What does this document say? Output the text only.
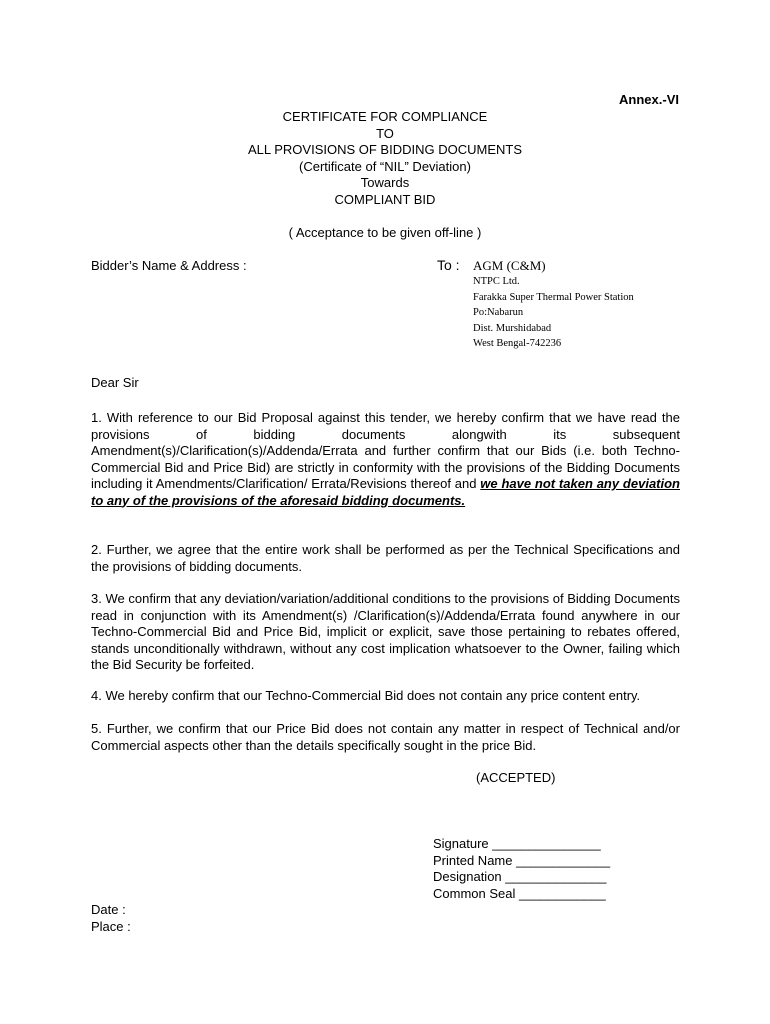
Annex.-VI
CERTIFICATE FOR COMPLIANCE
TO
ALL PROVISIONS OF BIDDING DOCUMENTS
(Certificate of “NIL” Deviation)
Towards
COMPLIANT BID
( Acceptance to be given off-line )
Bidder’s Name & Address :	To : AGM (C&M)
NTPC Ltd.
Farakka Super Thermal Power Station
Po:Nabarun
Dist. Murshidabad
West Bengal-742236
Dear Sir
1. With reference to our Bid Proposal against this tender, we hereby confirm that we have read the provisions of bidding documents alongwith its subsequent Amendment(s)/Clarification(s)/Addenda/Errata and further confirm that our Bids (i.e. both Techno-Commercial Bid and Price Bid) are strictly in conformity with the provisions of the Bidding Documents including it Amendments/Clarification/ Errata/Revisions thereof and we have not taken any deviation to any of the provisions of the aforesaid bidding documents.
2. Further, we agree that the entire work shall be performed as per the Technical Specifications and the provisions of bidding documents.
3. We confirm that any deviation/variation/additional conditions to the provisions of Bidding Documents read in conjunction with its Amendment(s) /Clarification(s)/Addenda/Errata found anywhere in our Techno-Commercial Bid and Price Bid, implicit or explicit, save those pertaining to rebates offered, stands unconditionally withdrawn, without any cost implication whatsoever to the Owner, failing which the Bid Security be forfeited.
4. We hereby confirm that our Techno-Commercial Bid does not contain any price content entry.
5. Further, we confirm that our Price Bid does not contain any matter in respect of Technical and/or Commercial aspects other than the details specifically sought in the price Bid.
(ACCEPTED)
Signature _______________
Printed Name _____________
Designation ______________
Common Seal ____________
Date :
Place :
